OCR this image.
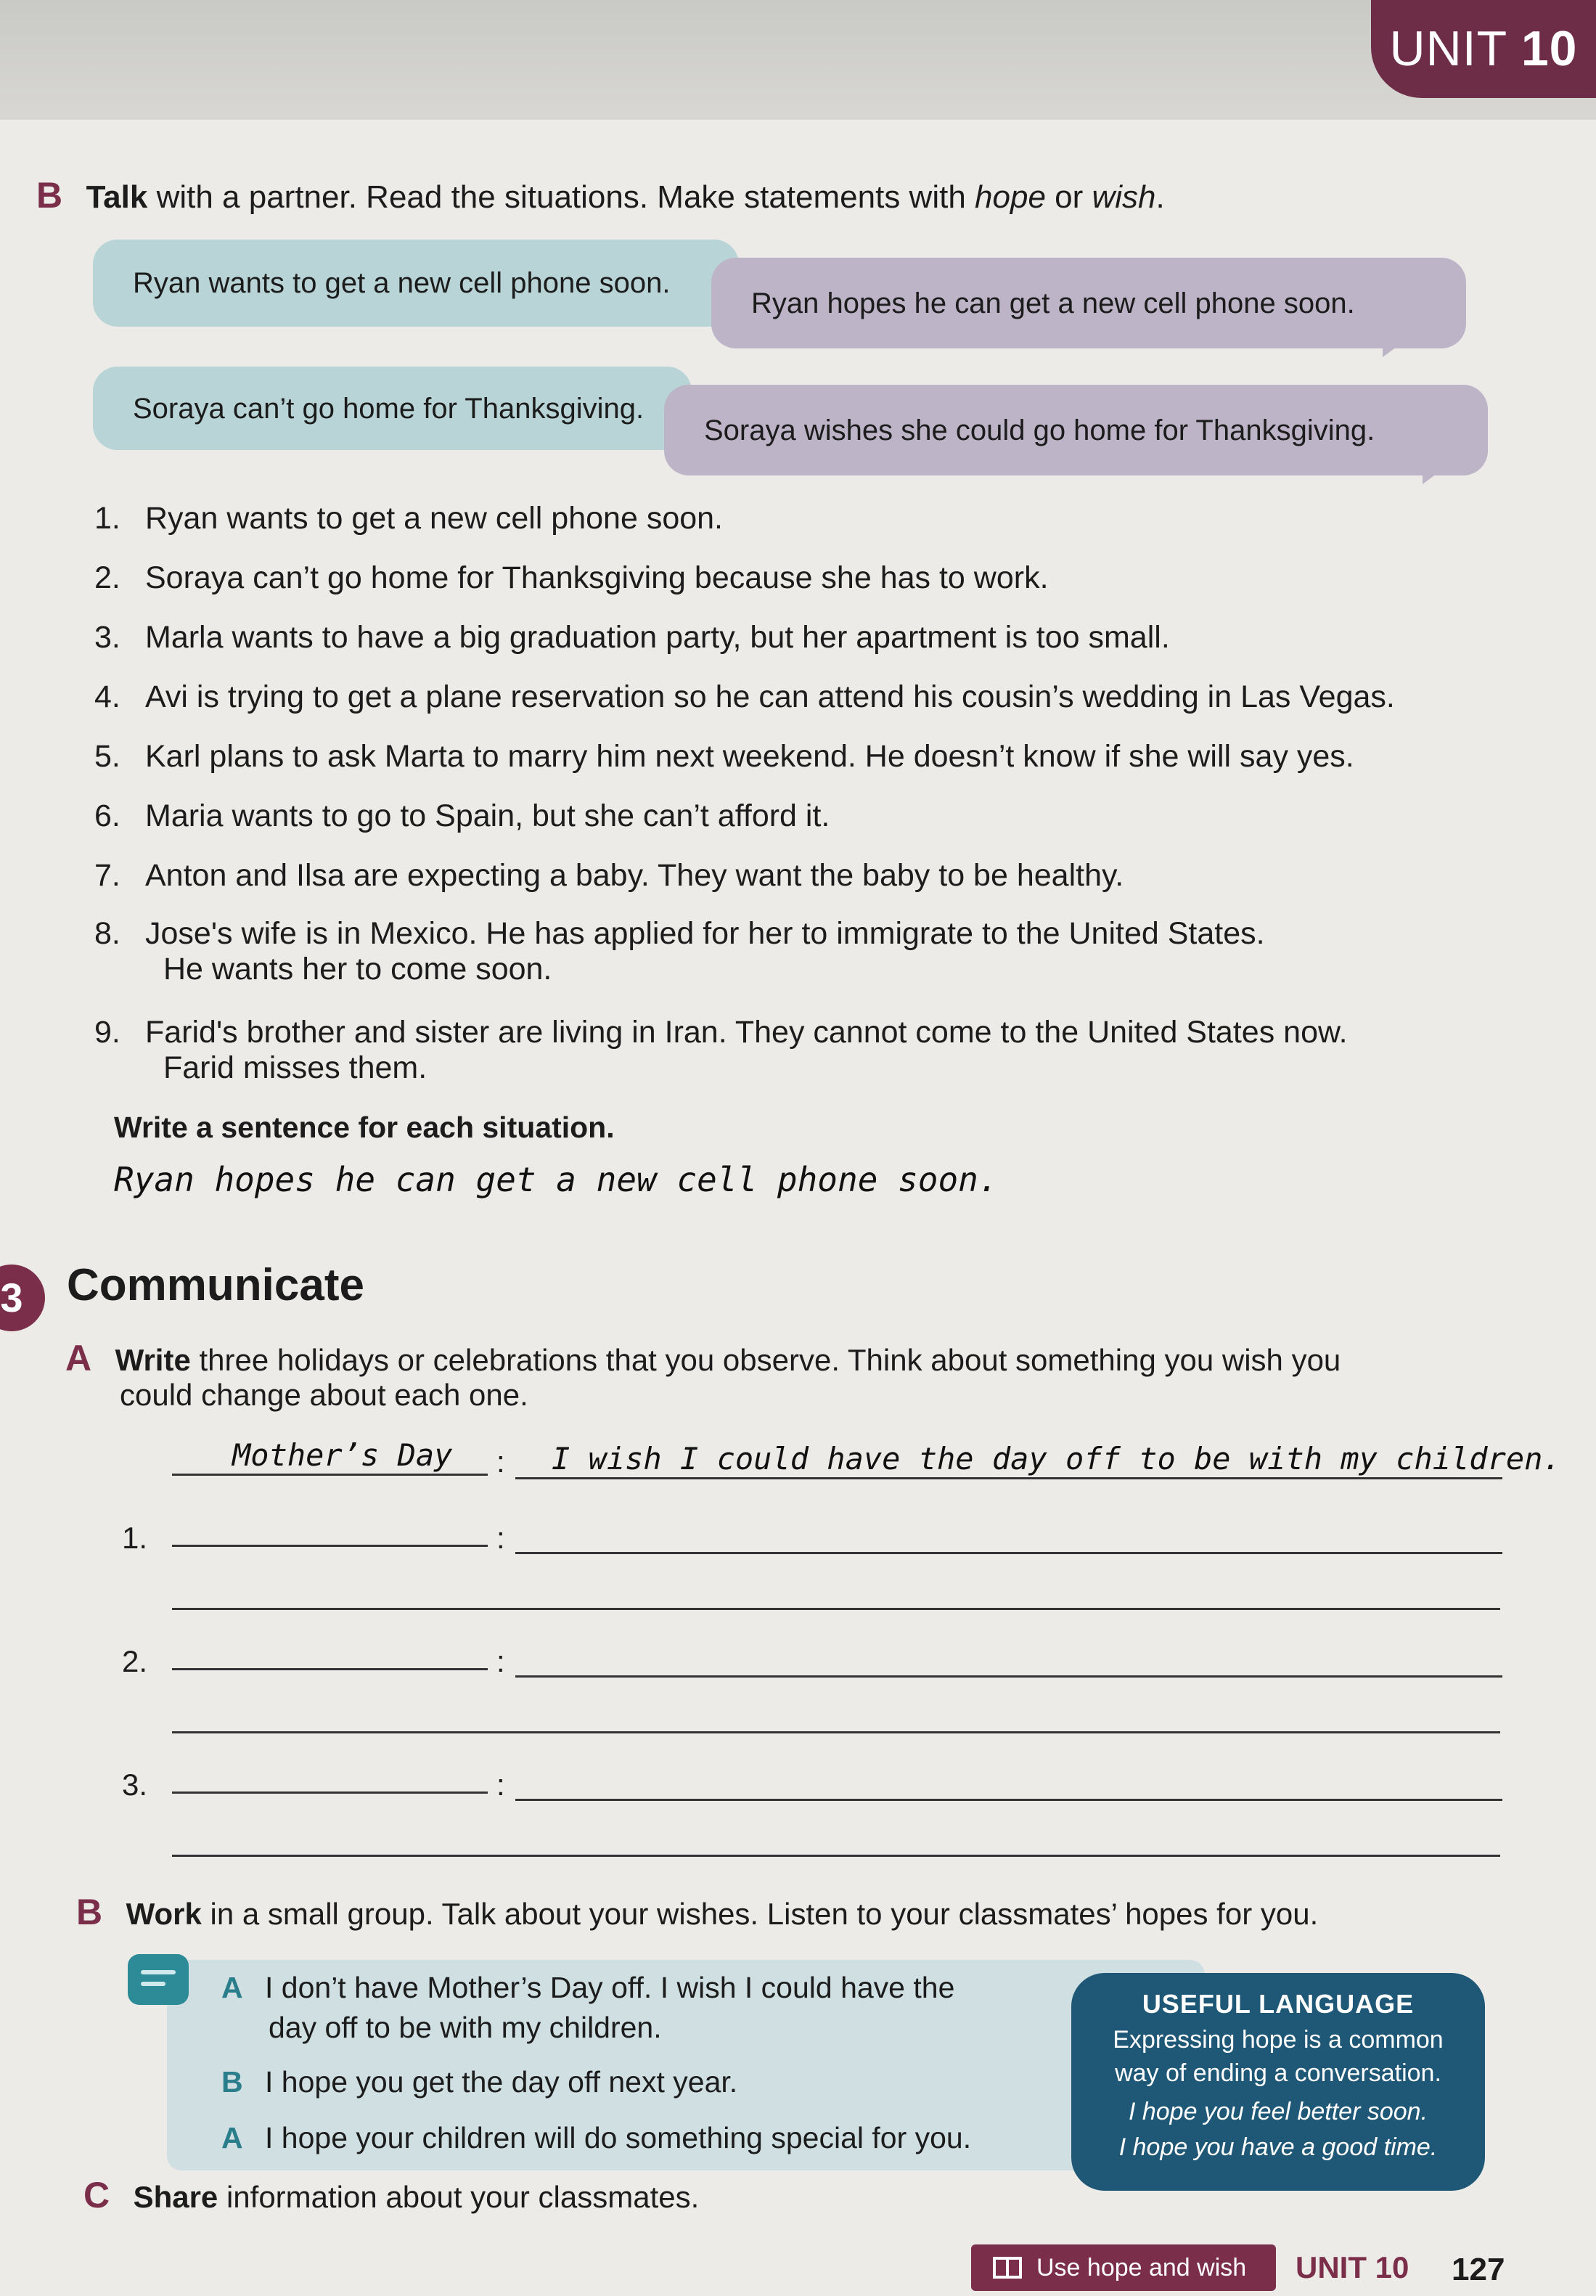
UNIT 10
B Talk with a partner. Read the situations. Make statements with hope or wish.
Ryan wants to get a new cell phone soon.
Ryan hopes he can get a new cell phone soon.
Soraya can’t go home for Thanksgiving.
Soraya wishes she could go home for Thanksgiving.
1. Ryan wants to get a new cell phone soon.
2. Soraya can’t go home for Thanksgiving because she has to work.
3. Marla wants to have a big graduation party, but her apartment is too small.
4. Avi is trying to get a plane reservation so he can attend his cousin’s wedding in Las Vegas.
5. Karl plans to ask Marta to marry him next weekend. He doesn’t know if she will say yes.
6. Maria wants to go to Spain, but she can’t afford it.
7. Anton and Ilsa are expecting a baby. They want the baby to be healthy.
8. Jose's wife is in Mexico. He has applied for her to immigrate to the United States.
He wants her to come soon.
9. Farid's brother and sister are living in Iran. They cannot come to the United States now.
Farid misses them.
Write a sentence for each situation.
Ryan hopes he can get a new cell phone soon.
3 Communicate
A Write three holidays or celebrations that you observe. Think about something you wish you
could change about each one.
Mother’s Day : I wish I could have the day off to be with my children.
1.	:
2.	:
3.	:
B Work in a small group. Talk about your wishes. Listen to your classmates’ hopes for you.
A I don’t have Mother’s Day off. I wish I could have the
day off to be with my children.
B I hope you get the day off next year.
A I hope your children will do something special for you.
USEFUL LANGUAGE
Expressing hope is a common
way of ending a conversation.
I hope you feel better soon.
I hope you have a good time.
C Share information about your classmates.
Use hope and wish UNIT 10 127
